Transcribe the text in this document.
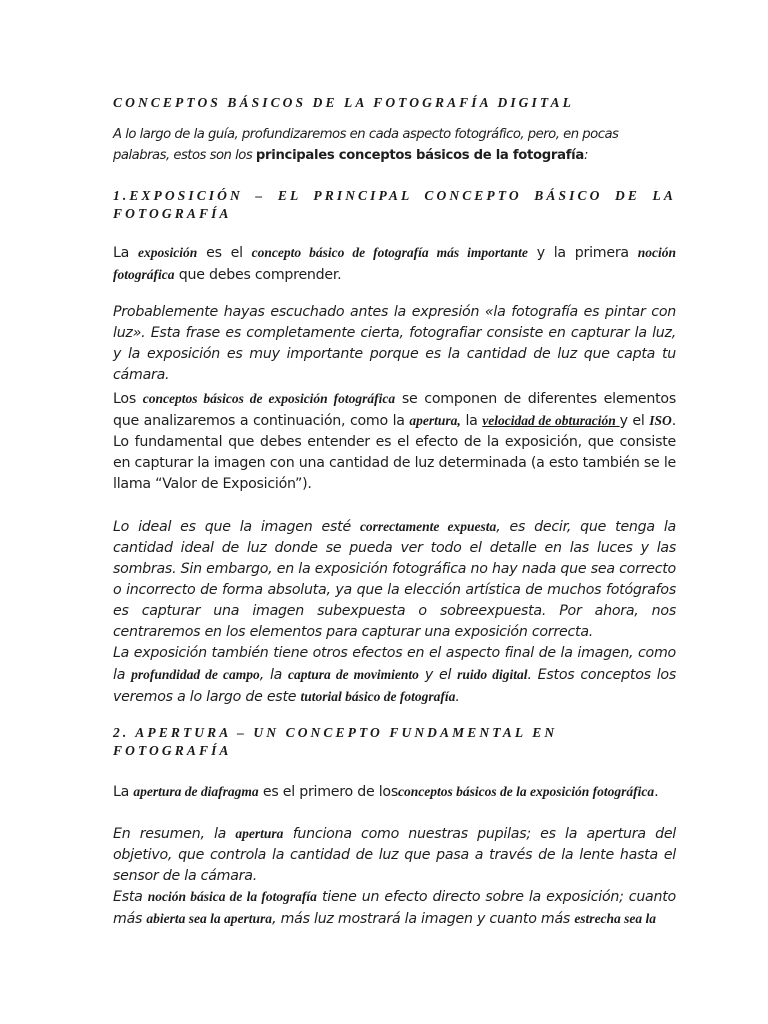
CONCEPTOS BÁSICOS DE LA FOTOGRAFÍA DIGITAL

A lo largo de la guía, profundizaremos en cada aspecto fotográfico, pero, en pocas palabras, estos son los principales conceptos básicos de la fotografía:

1.EXPOSICIÓN – EL PRINCIPAL CONCEPTO BÁSICO DE LA FOTOGRAFÍA

La exposición es el concepto básico de fotografía más importante y la primera noción fotográfica que debes comprender.

Probablemente hayas escuchado antes la expresión «la fotografía es pintar con luz». Esta frase es completamente cierta, fotografiar consiste en capturar la luz, y la exposición es muy importante porque es la cantidad de luz que capta tu cámara.

Los conceptos básicos de exposición fotográfica se componen de diferentes elementos que analizaremos a continuación, como la apertura, la velocidad de obturación y el ISO. Lo fundamental que debes entender es el efecto de la exposición, que consiste en capturar la imagen con una cantidad de luz determinada (a esto también se le llama “Valor de Exposición”).

Lo ideal es que la imagen esté correctamente expuesta, es decir, que tenga la cantidad ideal de luz donde se pueda ver todo el detalle en las luces y las sombras. Sin embargo, en la exposición fotográfica no hay nada que sea correcto o incorrecto de forma absoluta, ya que la elección artística de muchos fotógrafos es capturar una imagen subexpuesta o sobreexpuesta. Por ahora, nos centraremos en los elementos para capturar una exposición correcta.

La exposición también tiene otros efectos en el aspecto final de la imagen, como la profundidad de campo, la captura de movimiento y el ruido digital. Estos conceptos los veremos a lo largo de este tutorial básico de fotografía.

2. APERTURA – UN CONCEPTO FUNDAMENTAL EN FOTOGRAFÍA

La apertura de diafragma es el primero de losconceptos básicos de la exposición fotográfica.

En resumen, la apertura funciona como nuestras pupilas; es la apertura del objetivo, que controla la cantidad de luz que pasa a través de la lente hasta el sensor de la cámara.

Esta noción básica de la fotografía tiene un efecto directo sobre la exposición; cuanto más abierta sea la apertura, más luz mostrará la imagen y cuanto más estrecha sea la
